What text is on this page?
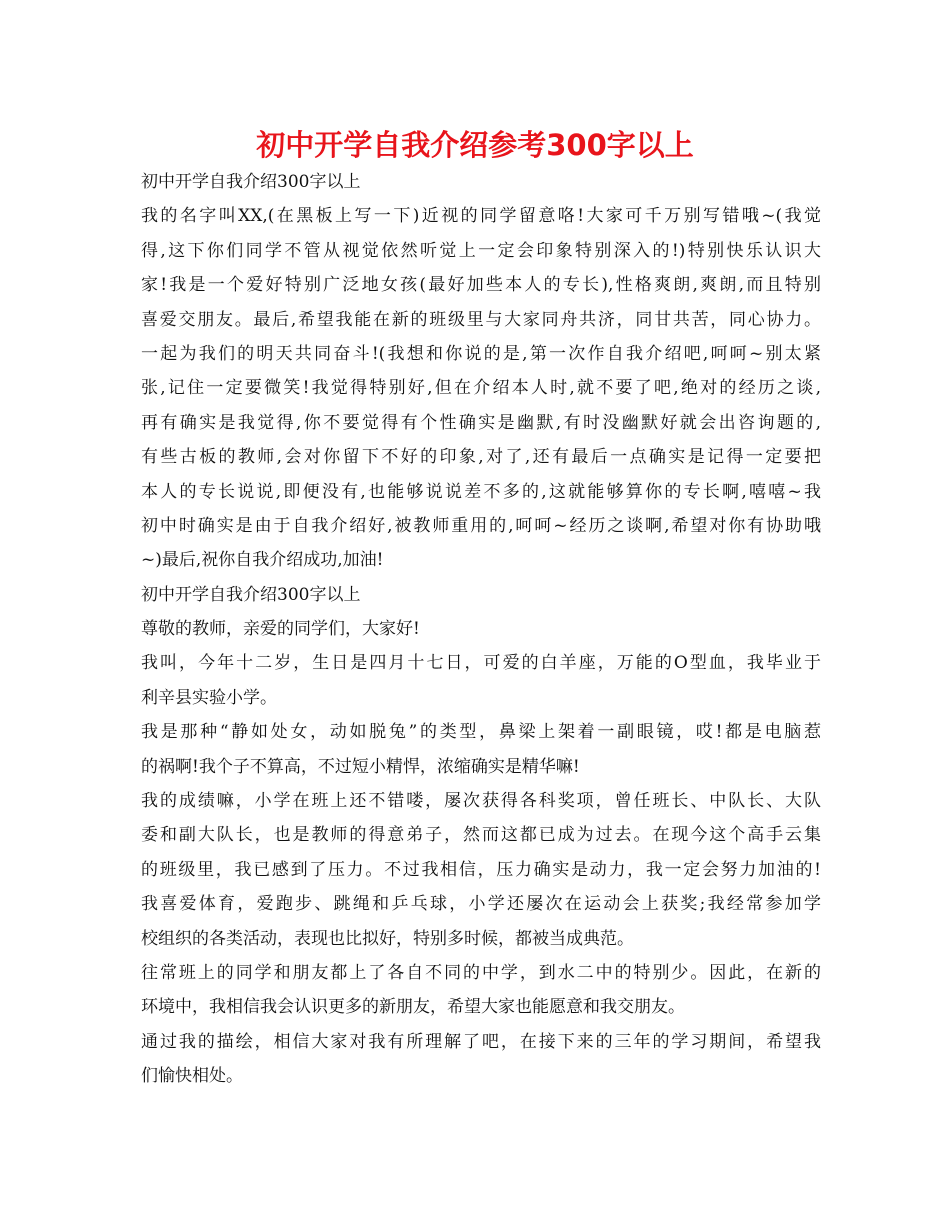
初中开学自我介绍参考300字以上
初中开学自我介绍300字以上
我的名字叫XX,(在黑板上写一下)近视的同学留意咯!大家可千万别写错哦~(我觉
得,这下你们同学不管从视觉依然听觉上一定会印象特别深入的!)特别快乐认识大
家!我是一个爱好特别广泛地女孩(最好加些本人的专长),性格爽朗,爽朗,而且特别
喜爱交朋友。最后,希望我能在新的班级里与大家同舟共济，同甘共苦，同心协力。
一起为我们的明天共同奋斗!(我想和你说的是,第一次作自我介绍吧,呵呵~别太紧
张,记住一定要微笑!我觉得特别好,但在介绍本人时,就不要了吧,绝对的经历之谈,
再有确实是我觉得,你不要觉得有个性确实是幽默,有时没幽默好就会出咨询题的,
有些古板的教师,会对你留下不好的印象,对了,还有最后一点确实是记得一定要把
本人的专长说说,即便没有,也能够说说差不多的,这就能够算你的专长啊,嘻嘻~我
初中时确实是由于自我介绍好,被教师重用的,呵呵~经历之谈啊,希望对你有协助哦
~)最后,祝你自我介绍成功,加油!
初中开学自我介绍300字以上
尊敬的教师，亲爱的同学们，大家好!
我叫，今年十二岁，生日是四月十七日，可爱的白羊座，万能的O型血，我毕业于
利辛县实验小学。
我是那种“静如处女，动如脱兔”的类型，鼻梁上架着一副眼镜，哎!都是电脑惹
的祸啊!我个子不算高，不过短小精悍，浓缩确实是精华嘛!
我的成绩嘛，小学在班上还不错喽，屡次获得各科奖项，曾任班长、中队长、大队
委和副大队长，也是教师的得意弟子，然而这都已成为过去。在现今这个高手云集
的班级里，我已感到了压力。不过我相信，压力确实是动力，我一定会努力加油的!
我喜爱体育，爱跑步、跳绳和乒乓球，小学还屡次在运动会上获奖;我经常参加学
校组织的各类活动，表现也比拟好，特别多时候，都被当成典范。
往常班上的同学和朋友都上了各自不同的中学，到水二中的特别少。因此，在新的
环境中，我相信我会认识更多的新朋友，希望大家也能愿意和我交朋友。
通过我的描绘，相信大家对我有所理解了吧，在接下来的三年的学习期间，希望我
们愉快相处。
